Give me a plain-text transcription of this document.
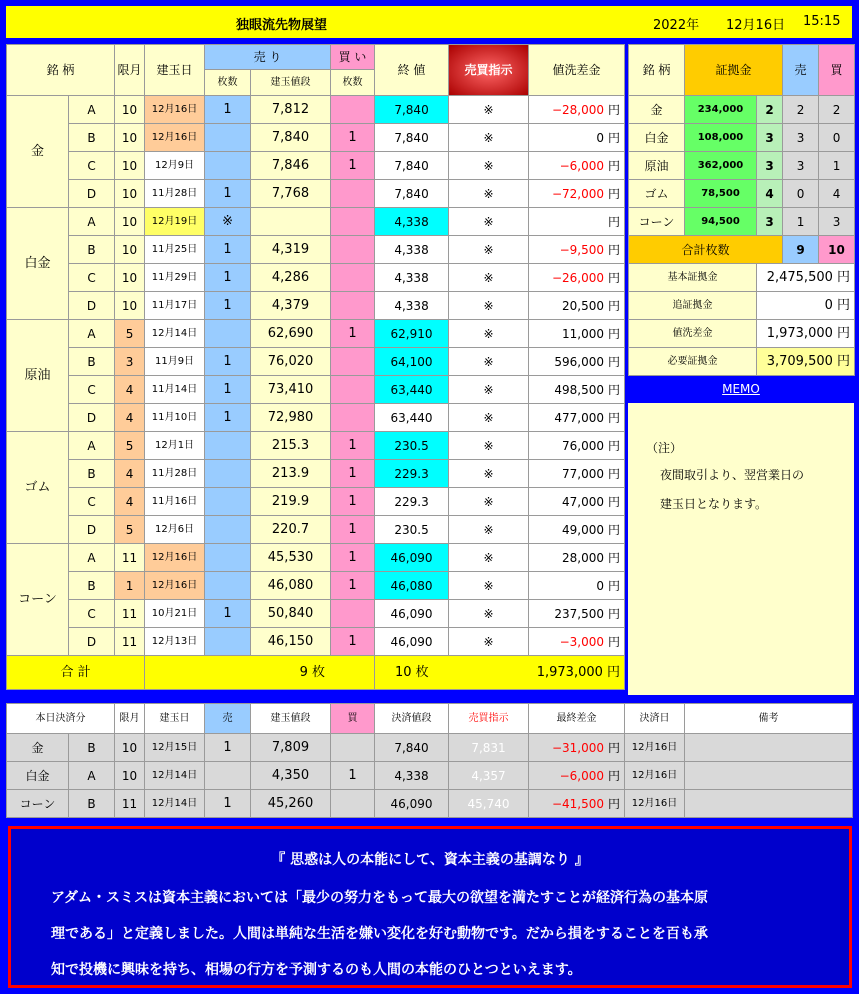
独眼流先物展望	2022年 12月16日 15:15
銘 柄		限月	建玉日	売 り		買 い	終 値	売買指示	値洗差金
				枚数	建玉値段	枚数			
金	A	10	12月16日	1	7,812		7,840	※	−28,000 円
	B	10	12月16日		7,840	1	7,840	※	0 円
	C	10	12月9日		7,846	1	7,840	※	−6,000 円
	D	10	11月28日	1	7,768		7,840	※	−72,000 円
白金	A	10	12月19日	※			4,338	※	円
	B	10	11月25日	1	4,319		4,338	※	−9,500 円
	C	10	11月29日	1	4,286		4,338	※	−26,000 円
	D	10	11月17日	1	4,379		4,338	※	20,500 円
原油	A	5	12月14日		62,690	1	62,910	※	11,000 円
	B	3	11月9日	1	76,020		64,100	※	596,000 円
	C	4	11月14日	1	73,410		63,440	※	498,500 円
	D	4	11月10日	1	72,980		63,440	※	477,000 円
ゴム	A	5	12月1日		215.3	1	230.5	※	76,000 円
	B	4	11月28日		213.9	1	229.3	※	77,000 円
	C	4	11月16日		219.9	1	229.3	※	47,000 円
	D	5	12月6日		220.7	1	230.5	※	49,000 円
コーン	A	11	12月16日		45,530	1	46,090	※	28,000 円
	B	1	12月16日		46,080	1	46,080	※	0 円
	C	11	10月21日	1	50,840		46,090	※	237,500 円
	D	11	12月13日		46,150	1	46,090	※	−3,000 円
合 計					9 枚		10 枚		1,973,000 円
銘 柄	証拠金		売	買
金	234,000	2	2	2
白金	108,000	3	3	0
原油	362,000	3	3	1
ゴム	78,500	4	0	4
コーン	94,500	3	1	3
合計枚数			9	10
基本証拠金		2,475,500 円		
追証拠金		0 円		
値洗差金		1,973,000 円		
必要証拠金		3,709,500 円		
MEMO
（注）
夜間取引より、翌営業日の
建玉日となります。
本日決済分		限月	建玉日	売	建玉値段	買	決済値段	売買指示	最終差金	決済日	備考
金	B	10	12月15日	1	7,809		7,840	7,831	−31,000 円	12月16日	
白金	A	10	12月14日		4,350	1	4,338	4,357	−6,000 円	12月16日	
コーン	B	11	12月14日	1	45,260		46,090	45,740	−41,500 円	12月16日	
『 思惑は人の本能にして、資本主義の基調なり 』
アダム・スミスは資本主義においては「最少の努力をもって最大の欲望を満たすことが経済行為の基本原
理である」と定義しました。人間は単純な生活を嫌い変化を好む動物です。だから損をすることを百も承
知で投機に興味を持ち、相場の行方を予測するのも人間の本能のひとつといえます。
